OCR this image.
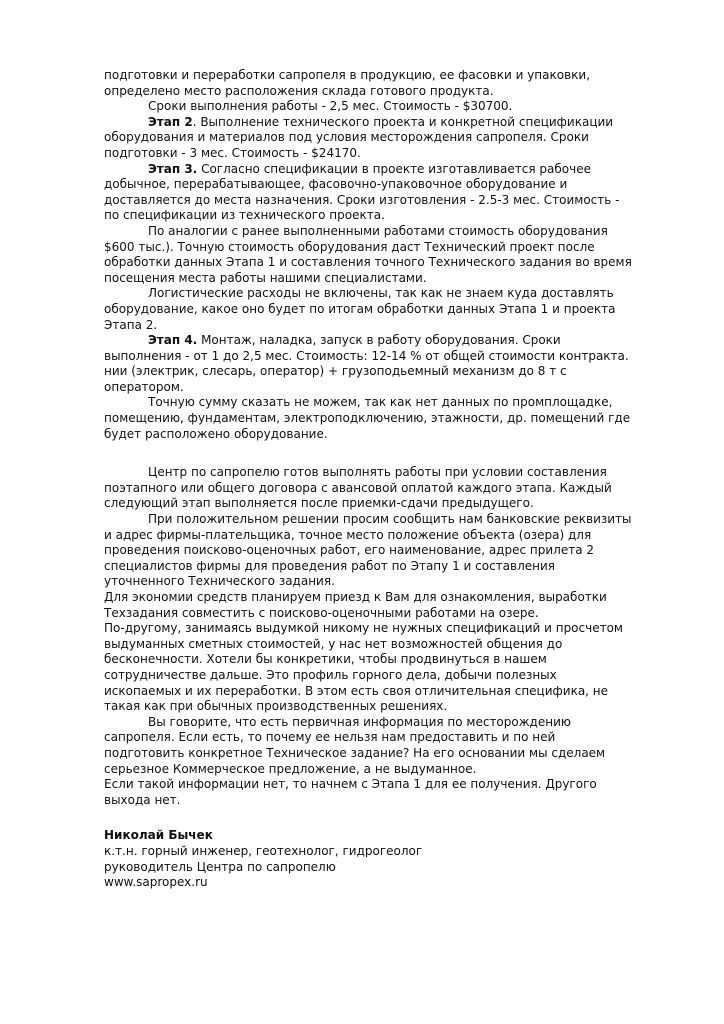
подготовки и переработки сапропеля в продукцию, ее фасовки и упаковки, определено место расположения склада готового продукта.

Сроки выполнения работы - 2,5 мес. Стоимость - $30700.

Этап 2. Выполнение технического проекта и конкретной спецификации оборудования и материалов под условия месторождения сапропеля. Сроки подготовки - 3 мес. Стоимость - $24170.

Этап 3. Согласно спецификации в проекте изготавливается рабочее добычное, перерабатывающее, фасовочно-упаковочное оборудование и доставляется до места назначения. Сроки изготовления - 2.5-3 мес. Стоимость - по спецификации из технического проекта.

По аналогии с ранее выполненными работами стоимость оборудования $600 тыс.). Точную стоимость оборудования даст Технический проект после обработки данных Этапа 1 и составления точного Технического задания во время посещения места работы нашими специалистами.

Логистические расходы не включены, так как не знаем куда доставлять оборудование, какое оно будет по итогам обработки данных Этапа 1 и проекта Этапа 2.

Этап 4. Монтаж, наладка, запуск в работу оборудования. Сроки выполнения - от 1 до 2,5 мес. Стоимость: 12-14 % от общей стоимости контракта. нии (электрик, слесарь, оператор) + грузоподьемный механизм до 8 т с оператором.

Точную сумму сказать не можем, так как нет данных по промплощадке, помещению, фундаментам, электроподключению, этажности, др. помещений где будет расположено оборудование.

Центр по сапропелю готов выполнять работы при условии составления поэтапного или общего договора с авансовой оплатой каждого этапа. Каждый следующий этап выполняется после приемки-сдачи предыдущего.

При положительном решении просим сообщить нам банковские реквизиты и адрес фирмы-плательщика, точное место положение объекта (озера) для проведения поисково-оценочных работ, его наименование, адрес прилета 2 специалистов фирмы для проведения работ по Этапу 1 и составления уточненного Технического задания.

Для экономии средств планируем приезд к Вам для ознакомления, выработки Техзадания совместить с поисково-оценочными работами на озере.

По-другому, занимаясь выдумкой никому не нужных спецификаций и просчетом выдуманных сметных стоимостей, у нас нет возможностей общения до бесконечности. Хотели бы конкретики, чтобы продвинуться в нашем сотрудничестве дальше. Это профиль горного дела, добычи полезных ископаемых и их переработки. В этом есть своя отличительная специфика, не такая как при обычных производственных решениях.

Вы говорите, что есть первичная информация по месторождению сапропеля. Если есть, то почему ее нельзя нам предоставить и по ней подготовить конкретное Техническое задание? На его основании мы сделаем серьезное Коммерческое предложение, а не выдуманное.

Если такой информации нет, то начнем с Этапа 1 для ее получения. Другого выхода нет.

Николай Бычек

к.т.н. горный инженер, геотехнолог, гидрогеолог

руководитель Центра по сапропелю

www.sapropex.ru
